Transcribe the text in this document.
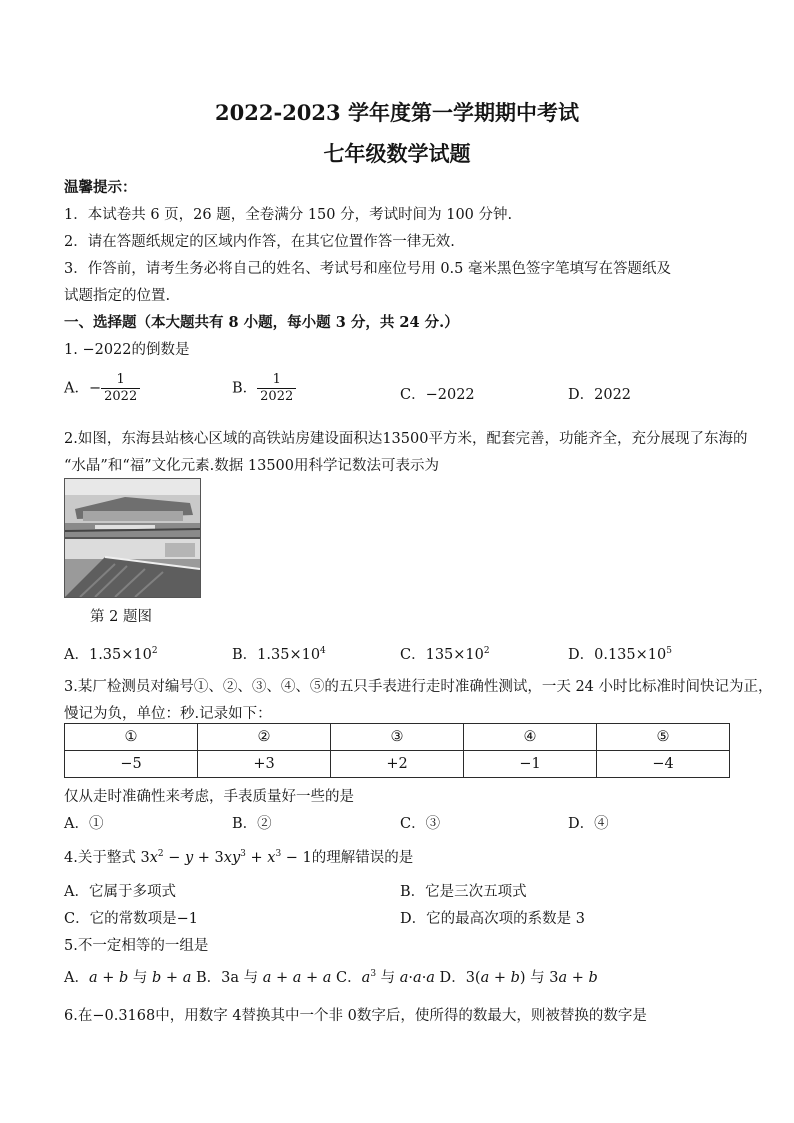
2022-2023 学年度第一学期期中考试
七年级数学试题
温馨提示：
1．本试卷共 6 页，26 题，全卷满分 150 分，考试时间为 100 分钟.
2．请在答题纸规定的区域内作答，在其它位置作答一律无效.
3．作答前，请考生务必将自己的姓名、考试号和座位号用 0.5 毫米黑色签字笔填写在答题纸及
试题指定的位置.
一、选择题（本大题共有 8 小题，每小题 3 分，共 24 分.）
1. −2022的倒数是
A．− $\frac{1}{2022}$	B． $\frac{1}{2022}$	C．−2022	D．2022
2.如图，东海县站核心区域的高铁站房建设面积达13500平方米，配套完善，功能齐全，充分展现了东海的
“水晶”和“福”文化元素.数据 13500用科学记数法可表示为
第 2 题图
A．$1.35\times 10^2$	B．$1.35\times 10^4$	C．$135\times 10^2$	D．$0.135\times 10^5$
3.某厂检测员对编号①、②、③、④、⑤的五只手表进行走时准确性测试，一天 24 小时比标准时间快记为正，
慢记为负，单位：秒.记录如下：
①	②	③	④	⑤
−5	+3	+2	−1	−4
仅从走时准确性来考虑，手表质量好一些的是
A．①	B．②	C．③	D．④
4.关于整式 $3x^2 - y + 3xy^3 + x^3 - 1$的理解错误的是
A．它属于多项式	B．它是三次五项式
C．它的常数项是−1	D．它的最高次项的系数是 3
5.不一定相等的一组是
A．a + b 与 b + a B．3a 与 a + a + a C．$a^3$ 与 a·a·a D．3(a + b) 与 3a + b
6.在−0.3168中，用数字 4替换其中一个非 0数字后，使所得的数最大，则被替换的数字是
